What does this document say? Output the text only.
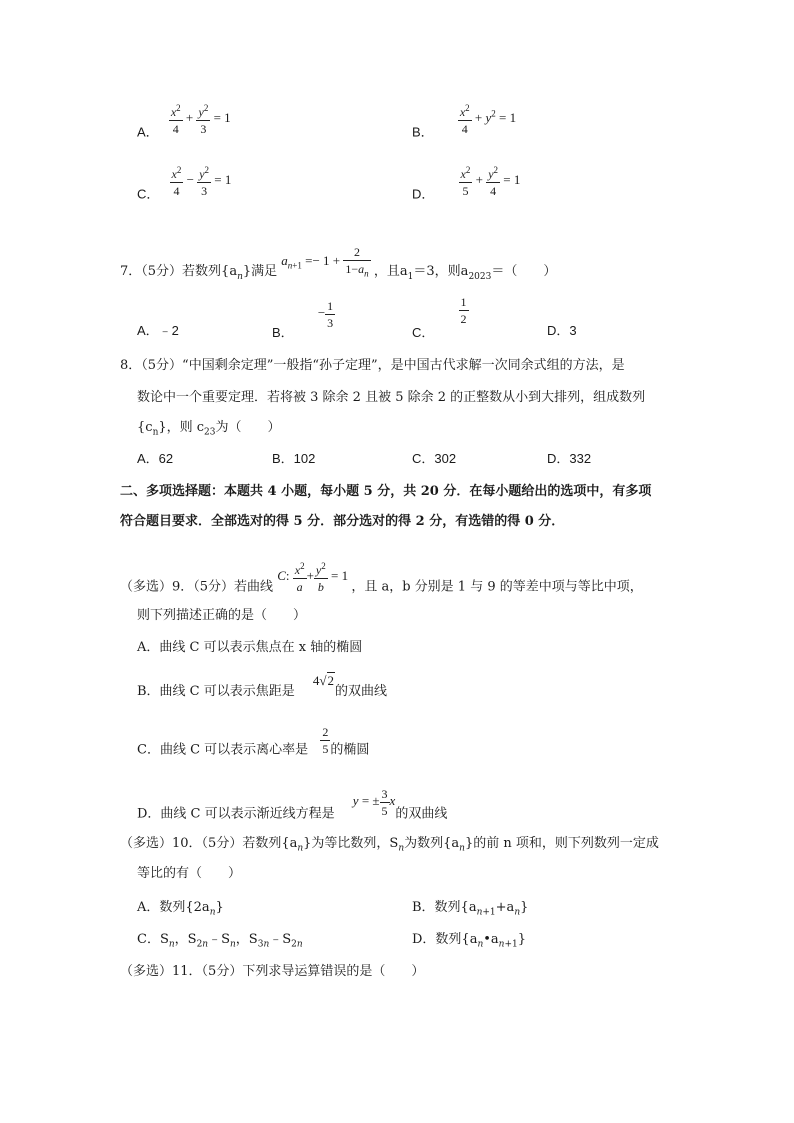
A． $\frac{x^2}{4} + \frac{y^2}{3} = 1$
B． $\frac{x^2}{4} + y^2 = 1$
C． $\frac{x^2}{4} - \frac{y^2}{3} = 1$
D． $\frac{x^2}{5} + \frac{y^2}{4} = 1$
7．（5分）若数列$\{a_n\}$满足 $a_{n+1} =- 1 + \frac{2}{1-a_n}$ ，且$a_1=3$，则$a_{2023}=$（　　）
A．﹣2	B． − $\frac{1}{3}$
C．
$\frac{1}{2}$
D．3
8．（5分）“中国剩余定理”一般指“孙子定理”，是中国古代求解一次同余式组的方法，是
数论中一个重要定理．若将被 3 除余 2 且被 5 除余 2 的正整数从小到大排列，组成数列
$\{c_n\}$，则 $c_{23}$为（　　）
A．62	B．102	C．302	D．332
二、多项选择题：本题共 4 小题，每小题 5 分，共 20 分．在每小题给出的选项中，有多项
符合题目要求．全部选对的得 5 分．部分选对的得 2 分，有选错的得 0 分．
（多选）9．（5分）若曲线 C: $\frac{x^2}{a} + \frac{y^2}{b} = 1$ ，且 a，b 分别是 1 与 9 的等差中项与等比中项，
则下列描述正确的是（　　）
A．曲线 C 可以表示焦点在 x 轴的椭圆
B．曲线 C 可以表示焦距是 4√2的双曲线
C．曲线 C 可以表示离心率是 $\frac{2}{5}$ 的椭圆
D．曲线 C 可以表示渐近线方程是 y = ± $\frac{3}{5}$ x的双曲线
（多选）10．（5分）若数列$\{a_n\}$为等比数列，$S_n$为数列$\{a_n\}$的前 n 项和，则下列数列一定成
等比的有（　　）
A．数列$\{2a_n\}$	B．数列$\{a_{n+1}+a_n\}$
C．$S_n$，$S_{2n}﹣S_n$，$S_{3n}﹣S_{2n}$	D．数列$\{a_n•a_{n+1}\}$
（多选）11．（5分）下列求导运算错误的是（　　）
